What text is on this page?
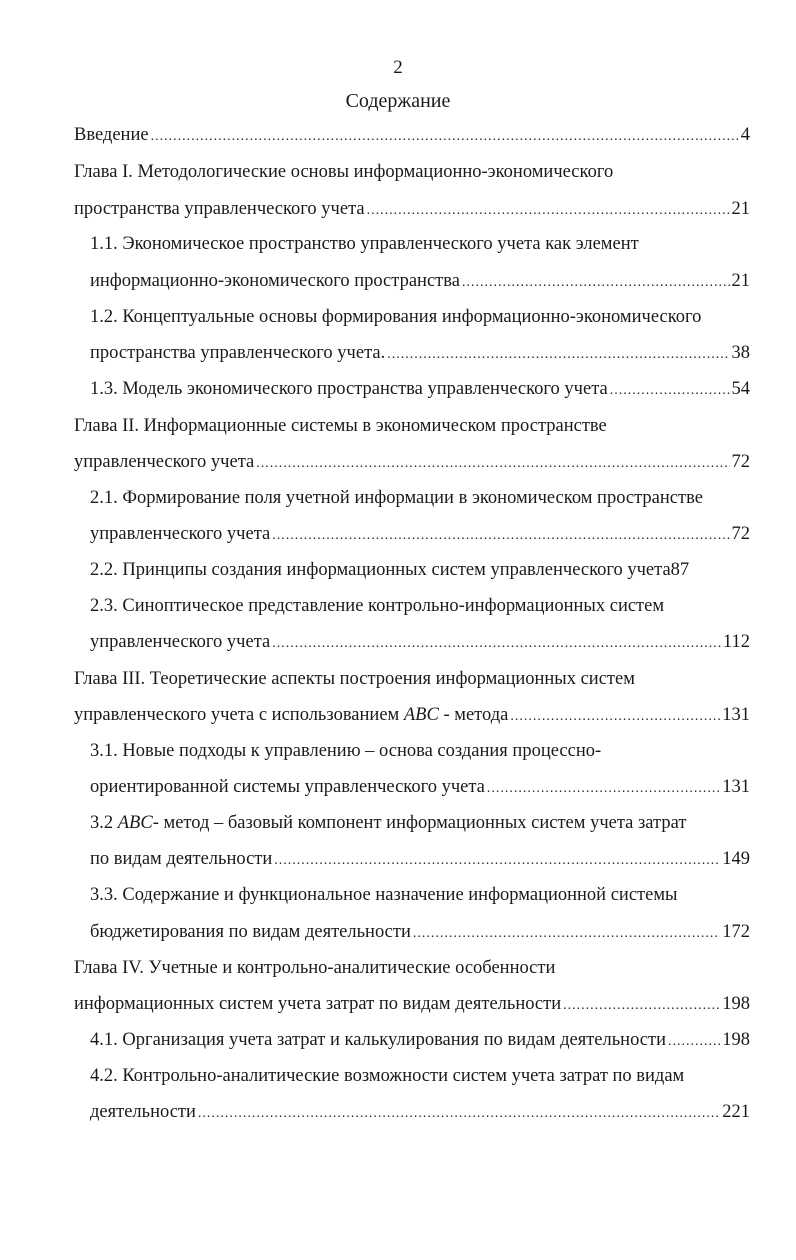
2
Содержание
Введение .....	4
Глава I. Методологические основы информационно-экономического
пространства управленческого учета .....	21
1.1. Экономическое пространство управленческого учета как элемент
информационно-экономического пространства .....	21
1.2. Концептуальные основы формирования информационно-экономического
пространства управленческого учета. .....	38
1.3. Модель экономического пространства управленческого учета .....	54
Глава II. Информационные системы в экономическом пространстве
управленческого учета .....	72
2.1. Формирование поля учетной информации в экономическом пространстве
управленческого учета .....	72
2.2. Принципы создания информационных систем управленческого учета 87
2.3. Синоптическое представление контрольно-информационных систем
управленческого учета .....	112
Глава III. Теоретические аспекты построения информационных систем
управленческого учета с использованием ABC - метода .....	131
3.1. Новые подходы к управлению – основа создания процессно-
ориентированной системы управленческого учета .....	131
3.2 ABC- метод – базовый компонент информационных систем учета затрат
по видам деятельности .....	149
3.3. Содержание и функциональное назначение информационной системы
бюджетирования по видам деятельности .....	172
Глава IV. Учетные и контрольно-аналитические особенности
информационных систем учета затрат по видам деятельности .....	198
4.1. Организация учета затрат и калькулирования по видам деятельности .....	198
4.2. Контрольно-аналитические возможности систем учета затрат по видам
деятельности .....	221
